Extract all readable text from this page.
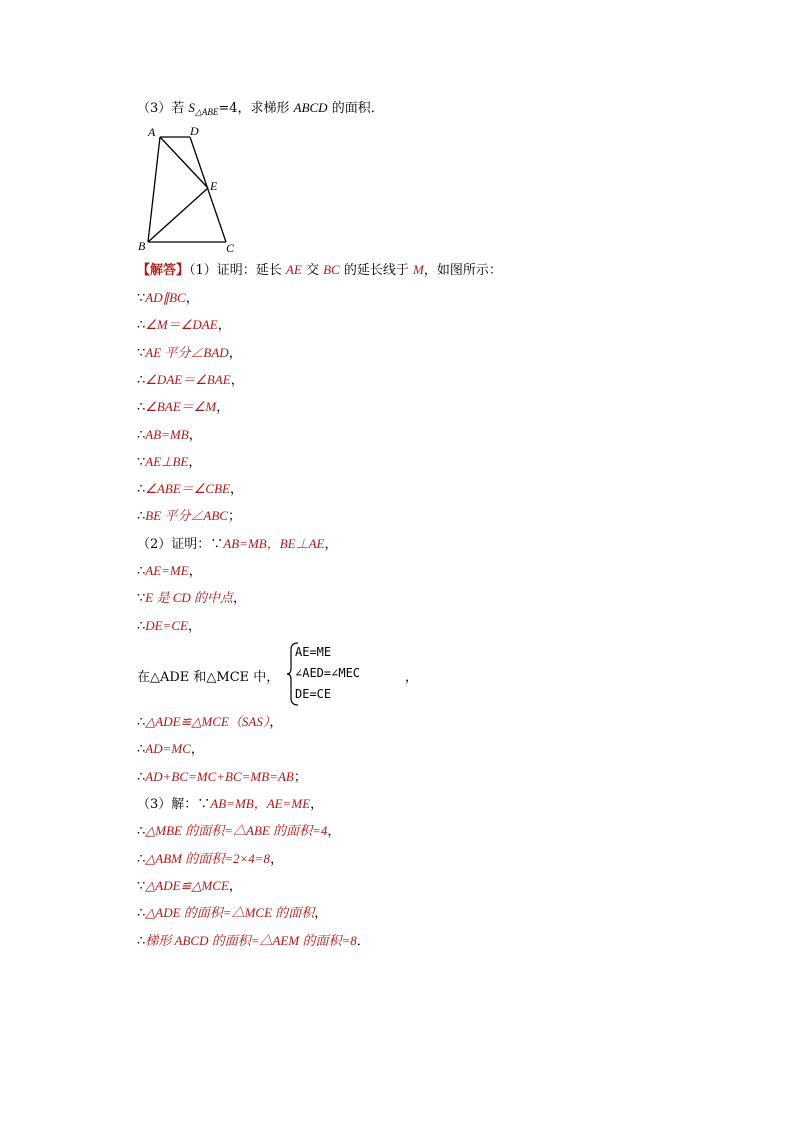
（3）若 $S_{\triangle ABE}=4$，求梯形 ABCD 的面积．
A	D
E
B	C
【解答】（1）证明：延长 AE 交 BC 的延长线于 M，如图所示：
∵AD∥BC，
∴∠M＝∠DAE，
∵AE 平分∠BAD，
∴∠DAE＝∠BAE，
∴∠BAE＝∠M，
∴AB=MB，
∵AE⊥BE，
∴∠ABE＝∠CBE，
∴BE 平分∠ABC；
（2）证明：∵AB=MB，BE⊥AE，
∴AE=ME，
∵E 是 CD 的中点，
∴DE=CE，
在△ADE 和△MCE 中，
AE=ME
∠AED=∠MEC
DE=CE
，
∴△ADE≌△MCE（SAS），
∴AD=MC，
∴AD+BC=MC+BC=MB=AB；
（3）解：∵AB=MB，AE=ME，
∴△MBE 的面积=△ABE 的面积=4，
∴△ABM 的面积=2×4=8，
∵△ADE≌△MCE，
∴△ADE 的面积=△MCE 的面积，
∴梯形 ABCD 的面积=△AEM 的面积=8．
